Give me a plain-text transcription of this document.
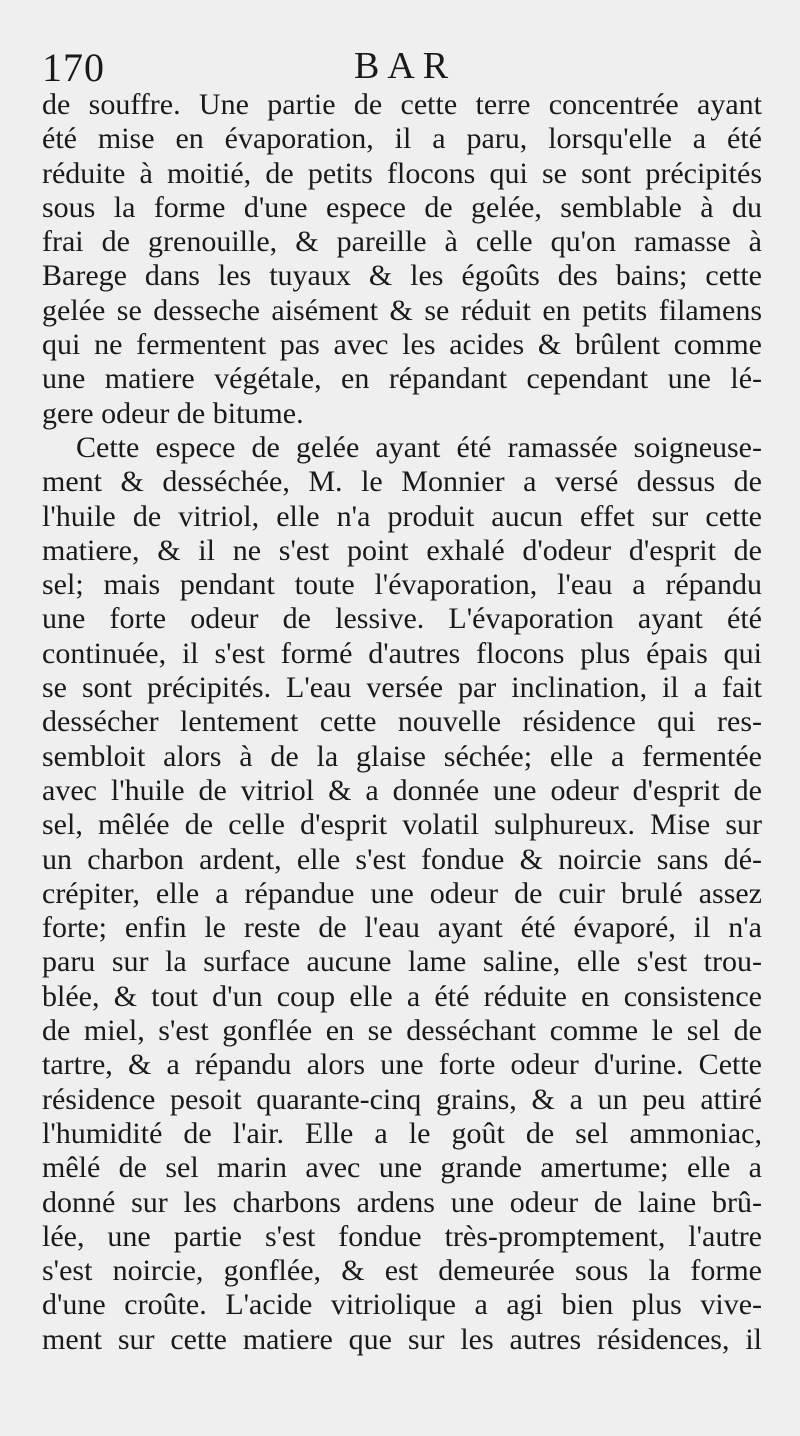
170	BAR
de souffre. Une partie de cette terre concentrée ayant
été mise en évaporation, il a paru, lorsqu'elle a été
réduite à moitié, de petits flocons qui se sont précipités
sous la forme d'une espece de gelée, semblable à du
frai de grenouille, & pareille à celle qu'on ramasse à
Barege dans les tuyaux & les égoûts des bains; cette
gelée se desseche aisément & se réduit en petits filamens
qui ne fermentent pas avec les acides & brûlent comme
une matiere végétale, en répandant cependant une lé-
gere odeur de bitume.
Cette espece de gelée ayant été ramassée soigneuse-
ment & desséchée, M. le Monnier a versé dessus de
l'huile de vitriol, elle n'a produit aucun effet sur cette
matiere, & il ne s'est point exhalé d'odeur d'esprit de
sel; mais pendant toute l'évaporation, l'eau a répandu
une forte odeur de lessive. L'évaporation ayant été
continuée, il s'est formé d'autres flocons plus épais qui
se sont précipités. L'eau versée par inclination, il a fait
dessécher lentement cette nouvelle résidence qui res-
sembloit alors à de la glaise séchée; elle a fermentée
avec l'huile de vitriol & a donnée une odeur d'esprit de
sel, mêlée de celle d'esprit volatil sulphureux. Mise sur
un charbon ardent, elle s'est fondue & noircie sans dé-
crépiter, elle a répandue une odeur de cuir brulé assez
forte; enfin le reste de l'eau ayant été évaporé, il n'a
paru sur la surface aucune lame saline, elle s'est trou-
blée, & tout d'un coup elle a été réduite en consistence
de miel, s'est gonflée en se desséchant comme le sel de
tartre, & a répandu alors une forte odeur d'urine. Cette
résidence pesoit quarante-cinq grains, & a un peu attiré
l'humidité de l'air. Elle a le goût de sel ammoniac,
mêlé de sel marin avec une grande amertume; elle a
donné sur les charbons ardens une odeur de laine brû-
lée, une partie s'est fondue très-promptement, l'autre
s'est noircie, gonflée, & est demeurée sous la forme
d'une croûte. L'acide vitriolique a agi bien plus vive-
ment sur cette matiere que sur les autres résidences, il
